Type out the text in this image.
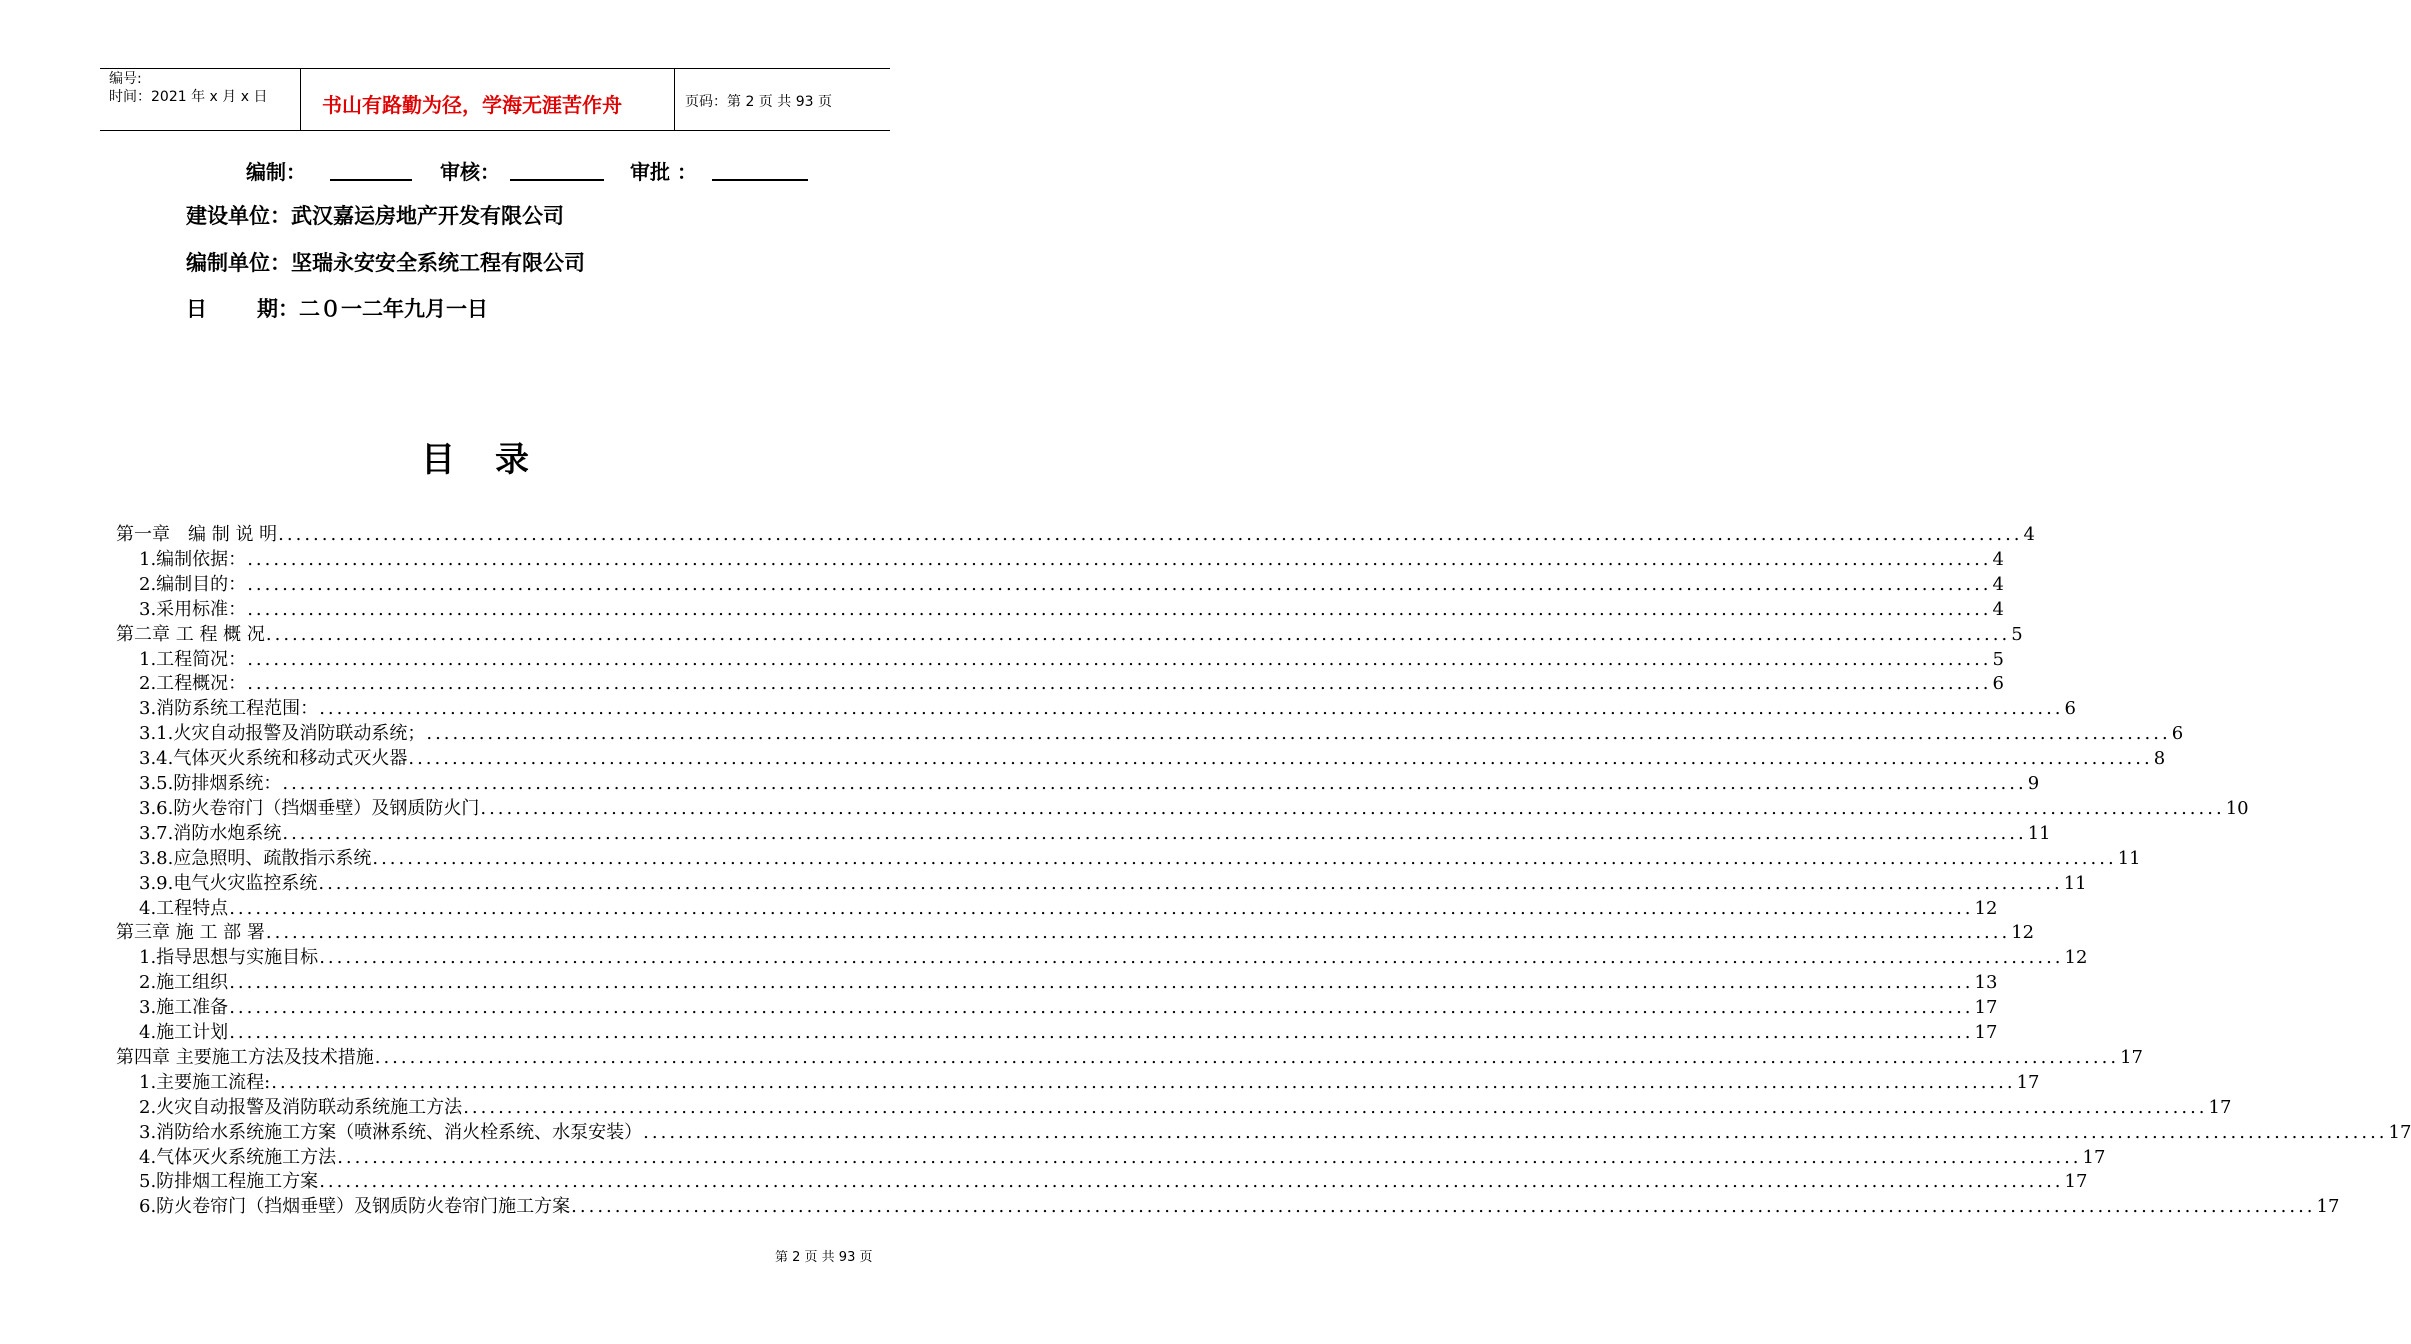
编号:
时间：2021 年 x 月 x 日	书山有路勤为径，学海无涯苦作舟	页码：第 2 页 共 93 页
编制：	审核：	审批 ：
建设单位：武汉嘉运房地产开发有限公司
编制单位：坚瑞永安安全系统工程有限公司
日 期：二０一二年九月一日
目录
第一章　编 制 说 明 ........................................................................................................................................................................................................ 4
1.编制依据： ........................................................................................................................................................................................................ 4
2.编制目的： ........................................................................................................................................................................................................ 4
3.采用标准： ........................................................................................................................................................................................................ 4
第二章 工 程 概 况 ........................................................................................................................................................................................................ 5
1.工程简况： ........................................................................................................................................................................................................ 5
2.工程概况： ........................................................................................................................................................................................................ 6
3.消防系统工程范围： ........................................................................................................................................................................................................ 6
3.1.火灾自动报警及消防联动系统； ........................................................................................................................................................................................................ 6
3.4.气体灭火系统和移动式灭火器 ........................................................................................................................................................................................................ 8
3.5.防排烟系统： ........................................................................................................................................................................................................ 9
3.6.防火卷帘门（挡烟垂壁）及钢质防火门 ........................................................................................................................................................................................................ 10
3.7.消防水炮系统 ........................................................................................................................................................................................................ 11
3.8.应急照明、疏散指示系统 ........................................................................................................................................................................................................ 11
3.9.电气火灾监控系统 ........................................................................................................................................................................................................ 11
4.工程特点 ........................................................................................................................................................................................................ 12
第三章 施 工 部 署 ........................................................................................................................................................................................................ 12
1.指导思想与实施目标 ........................................................................................................................................................................................................ 12
2.施工组织 ........................................................................................................................................................................................................ 13
3.施工准备 ........................................................................................................................................................................................................ 17
4.施工计划 ........................................................................................................................................................................................................ 17
第四章 主要施工方法及技术措施 ........................................................................................................................................................................................................ 17
1.主要施工流程: ........................................................................................................................................................................................................ 17
2.火灾自动报警及消防联动系统施工方法 ........................................................................................................................................................................................................ 17
3.消防给水系统施工方案（喷淋系统、消火栓系统、水泵安装） ........................................................................................................................................................................................................ 17
4.气体灭火系统施工方法 ........................................................................................................................................................................................................ 17
5.防排烟工程施工方案 ........................................................................................................................................................................................................ 17
6.防火卷帘门（挡烟垂壁）及钢质防火卷帘门施工方案 ........................................................................................................................................................................................................ 17
第 2 页 共 93 页
